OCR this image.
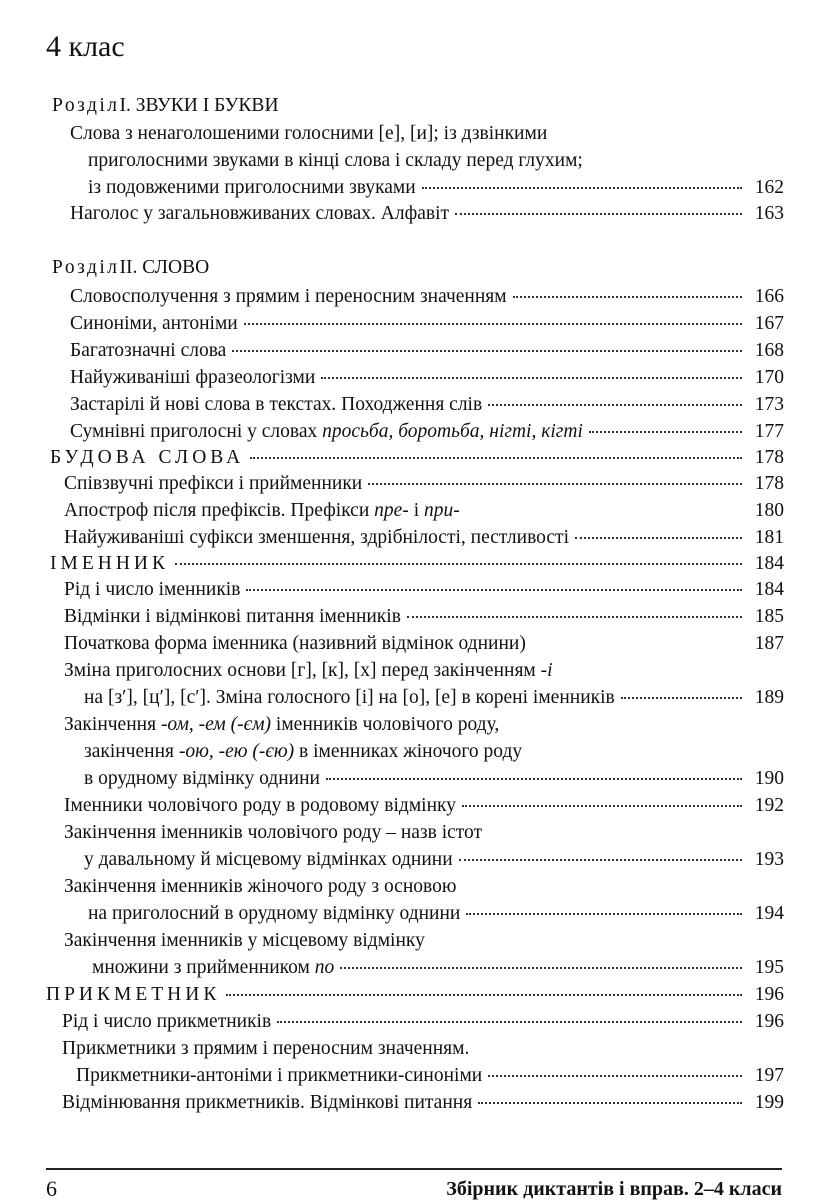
4 клас
Розділ І. ЗВУКИ І БУКВИ
Слова з ненаголошеними голосними [е], [и]; із дзвінкими
приголосними звуками в кінці слова і складу перед глухим;
із подовженими приголосними звуками	162
Наголос у загальновживаних словах. Алфавіт	163
Розділ ІІ. СЛОВО
Словосполучення з прямим і переносним значенням	166
Синоніми, антоніми	167
Багатозначні слова	168
Найуживаніші фразеологізми	170
Застарілі й нові слова в текстах. Походження слів	173
Сумнівні приголосні у словах просьба, боротьба, нігті, кігті	177
БУДОВА СЛОВА	178
Співзвучні префікси і прийменники	178
Апостроф після префіксів. Префікси пре- і при-	180
Найуживаніші суфікси зменшення, здрібнілості, пестливості	181
ІМЕННИК	184
Рід і число іменників	184
Відмінки і відмінкові питання іменників	185
Початкова форма іменника (називний відмінок однини)	187
Зміна приголосних основи [г], [к], [х] перед закінченням -і
на [з′], [ц′], [с′]. Зміна голосного [і] на [о], [е] в корені іменників	189
Закінчення -ом, -ем (-єм) іменників чоловічого роду,
закінчення -ою, -ею (-єю) в іменниках жіночого роду
в орудному відмінку однини	190
Іменники чоловічого роду в родовому відмінку	192
Закінчення іменників чоловічого роду – назв істот
у давальному й місцевому відмінках однини	193
Закінчення іменників жіночого роду з основою
на приголосний в орудному відмінку однини	194
Закінчення іменників у місцевому відмінку
множини з прийменником по	195
ПРИКМЕТНИК	196
Рід і число прикметників	196
Прикметники з прямим і переносним значенням.
Прикметники-антоніми і прикметники-синоніми	197
Відмінювання прикметників. Відмінкові питання	199
6	Збірник диктантів і вправ. 2–4 класи
